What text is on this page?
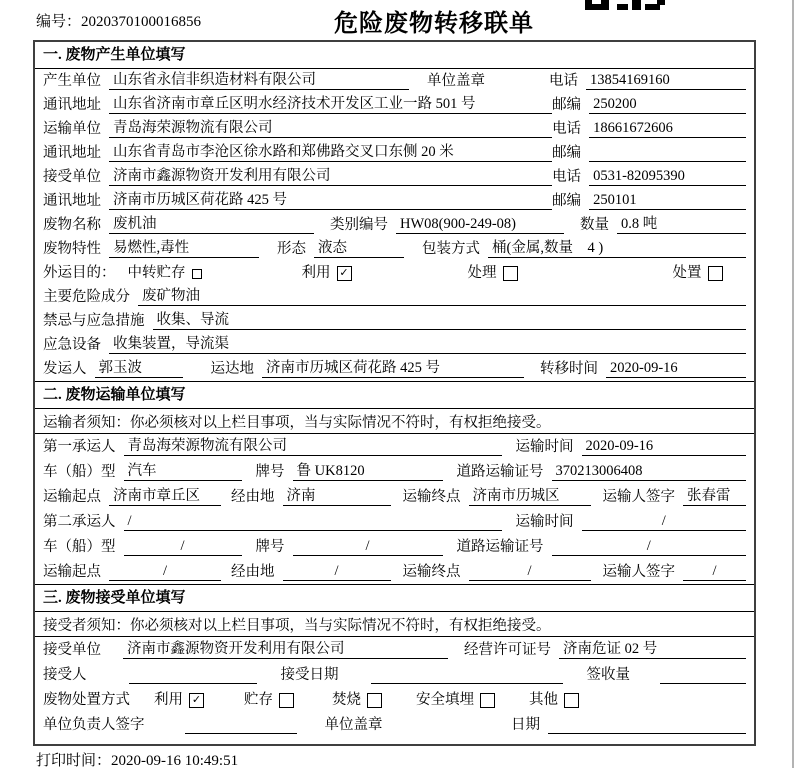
编号：2020370100016856	危险废物转移联单
一. 废物产生单位填写
产生单位 山东省永信非织造材料有限公司	单位盖章	电话 13854169160
通讯地址 山东省济南市章丘区明水经济技术开发区工业一路 501 号	邮编 250200
运输单位 青岛海荣源物流有限公司	电话 18661672606
通讯地址 山东省青岛市李沧区徐水路和郑佛路交叉口东侧 20 米	邮编
接受单位 济南市鑫源物资开发利用有限公司	电话 0531-82095390
通讯地址 济南市历城区荷花路 425 号	邮编 250101
废物名称 废机油	类别编号 HW08(900-249-08)	数量 0.8 吨
废物特性 易燃性,毒性	形态 液态	包装方式 桶(金属,数量　4 )
外运目的： 中转贮存	利用 ✓	处理	处置
主要危险成分 废矿物油
禁忌与应急措施 收集、导流
应急设备 收集装置，导流渠
发运人 郭玉波	运达地 济南市历城区荷花路 425 号	转移时间 2020-09-16
二. 废物运输单位填写
运输者须知：你必须核对以上栏目事项，当与实际情况不符时，有权拒绝接受。
第一承运人 青岛海荣源物流有限公司	运输时间 2020-09-16
车（船）型 汽车	牌号 鲁 UK8120	道路运输证号 370213006408
运输起点 济南市章丘区	经由地 济南	运输终点 济南市历城区	运输人签字 张春雷
第二承运人 /	运输时间	/
车（船）型	/	牌号	/	道路运输证号	/
运输起点	/	经由地	/	运输终点	/	运输人签字	/
三. 废物接受单位填写
接受者须知：你必须核对以上栏目事项，当与实际情况不符时，有权拒绝接受。
接受单位 济南市鑫源物资开发利用有限公司	经营许可证号 济南危证 02 号
接受人	接受日期	签收量
废物处置方式 利用 ✓	贮存	焚烧	安全填埋	其他
单位负责人签字	单位盖章	日期
打印时间：2020-09-16 10:49:51
